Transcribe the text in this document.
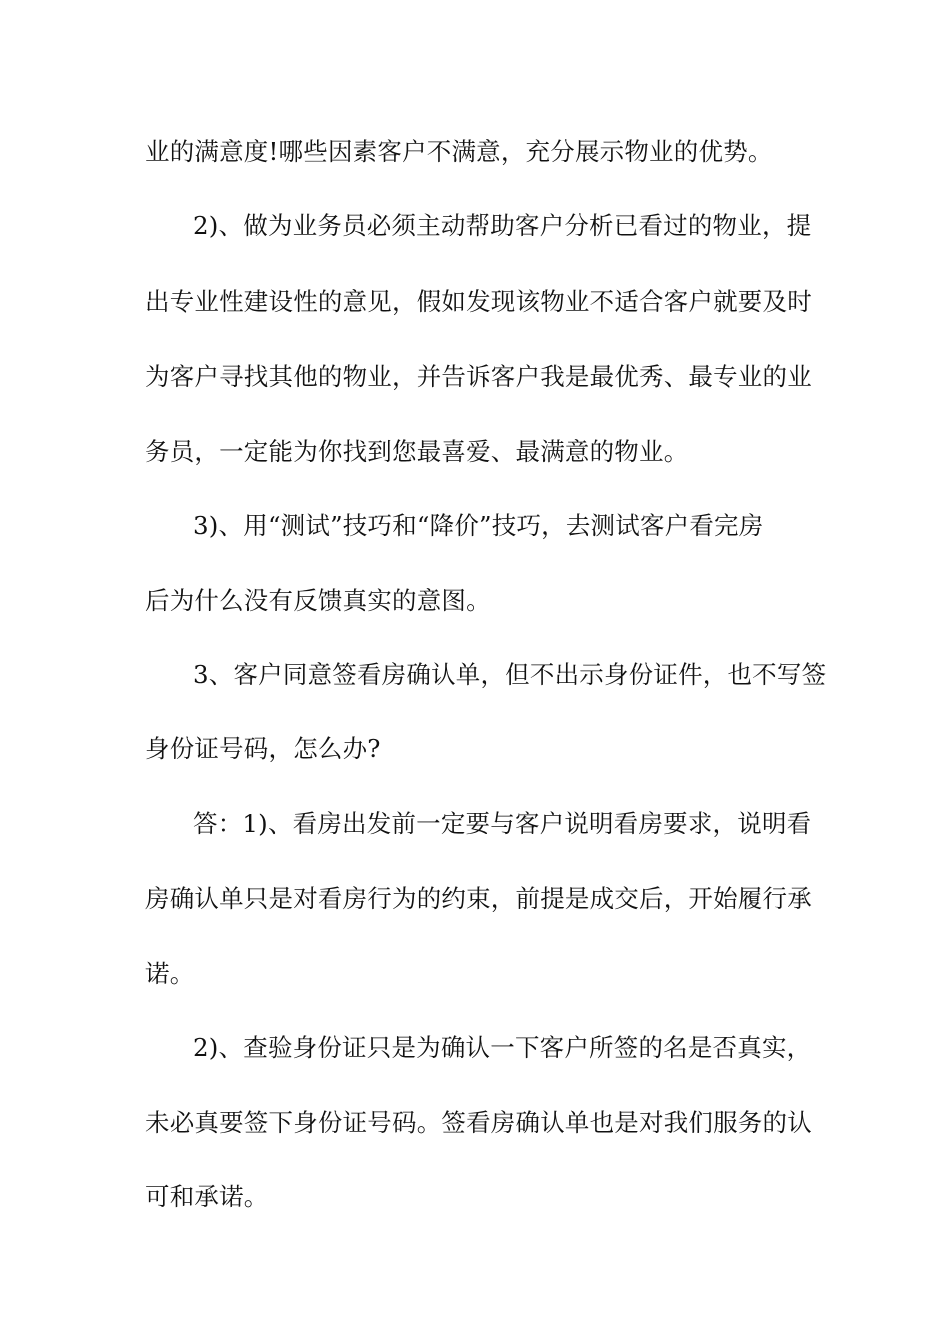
业的满意度!哪些因素客户不满意，充分展示物业的优势。
2)、做为业务员必须主动帮助客户分析已看过的物业，提
出专业性建设性的意见，假如发现该物业不适合客户就要及时
为客户寻找其他的物业，并告诉客户我是最优秀、最专业的业
务员，一定能为你找到您最喜爱、最满意的物业。
3)、用“测试”技巧和“降价”技巧，去测试客户看完房
后为什么没有反馈真实的意图。
3、客户同意签看房确认单，但不出示身份证件，也不写签
身份证号码，怎么办?
答：1)、看房出发前一定要与客户说明看房要求，说明看
房确认单只是对看房行为的约束，前提是成交后，开始履行承
诺。
2)、查验身份证只是为确认一下客户所签的名是否真实，
未必真要签下身份证号码。签看房确认单也是对我们服务的认
可和承诺。
